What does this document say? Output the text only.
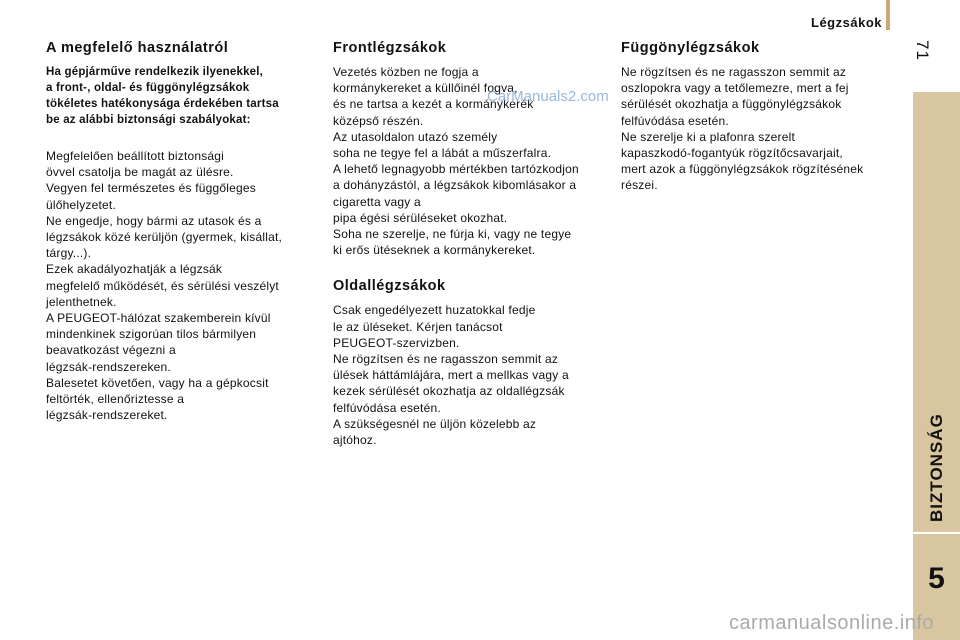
Légzsákok
71
BIZTONSÁG
5
A megfelelő használatról

Ha gépjárműve rendelkezik ilyenekkel,
a front-, oldal- és függönylégzsákok
tökéletes hatékonysága érdekében tartsa
be az alábbi biztonsági szabályokat:

Megfelelően beállított biztonsági
övvel csatolja be magát az ülésre.
Vegyen fel természetes és függőleges
ülőhelyzetet.
Ne engedje, hogy bármi az utasok és a
légzsákok közé kerüljön (gyermek, kisállat,
tárgy...).
Ezek akadályozhatják a légzsák
megfelelő működését, és sérülési veszélyt
jelenthetnek.
A PEUGEOT-hálózat szakemberein kívül
mindenkinek szigorúan tilos bármilyen
beavatkozást végezni a
légzsák-rendszereken.
Balesetet követően, vagy ha a gépkocsit
feltörték, ellenőriztesse a
légzsák-rendszereket.

Frontlégzsákok

Vezetés közben ne fogja a
kormánykereket a küllőinél fogva,
és ne tartsa a kezét a kormánykerék
középső részén.
Az utasoldalon utazó személy
soha ne tegye fel a lábát a műszerfalra.
A lehető legnagyobb mértékben tartózkodjon
a dohányzástól, a légzsákok kibomlásakor a
cigaretta vagy a
pipa égési sérüléseket okozhat.
Soha ne szerelje, ne fúrja ki, vagy ne tegye
ki erős ütéseknek a kormánykereket.

Oldallégzsákok

Csak engedélyezett huzatokkal fedje
le az üléseket. Kérjen tanácsot
PEUGEOT-szervizben.
Ne rögzítsen és ne ragasszon semmit az
ülések háttámlájára, mert a mellkas vagy a
kezek sérülését okozhatja az oldallégzsák
felfúvódása esetén.
A szükségesnél ne üljön közelebb az
ajtóhoz.

Függönylégzsákok

Ne rögzítsen és ne ragasszon semmit az
oszlopokra vagy a tetőlemezre, mert a fej
sérülését okozhatja a függönylégzsákok
felfúvódása esetén.
Ne szerelje ki a plafonra szerelt
kapaszkodó-fogantyúk rögzítőcsavarjait,
mert azok a függönylégzsákok rögzítésének
részei.

CarManuals2.com
carmanualsonline.info
